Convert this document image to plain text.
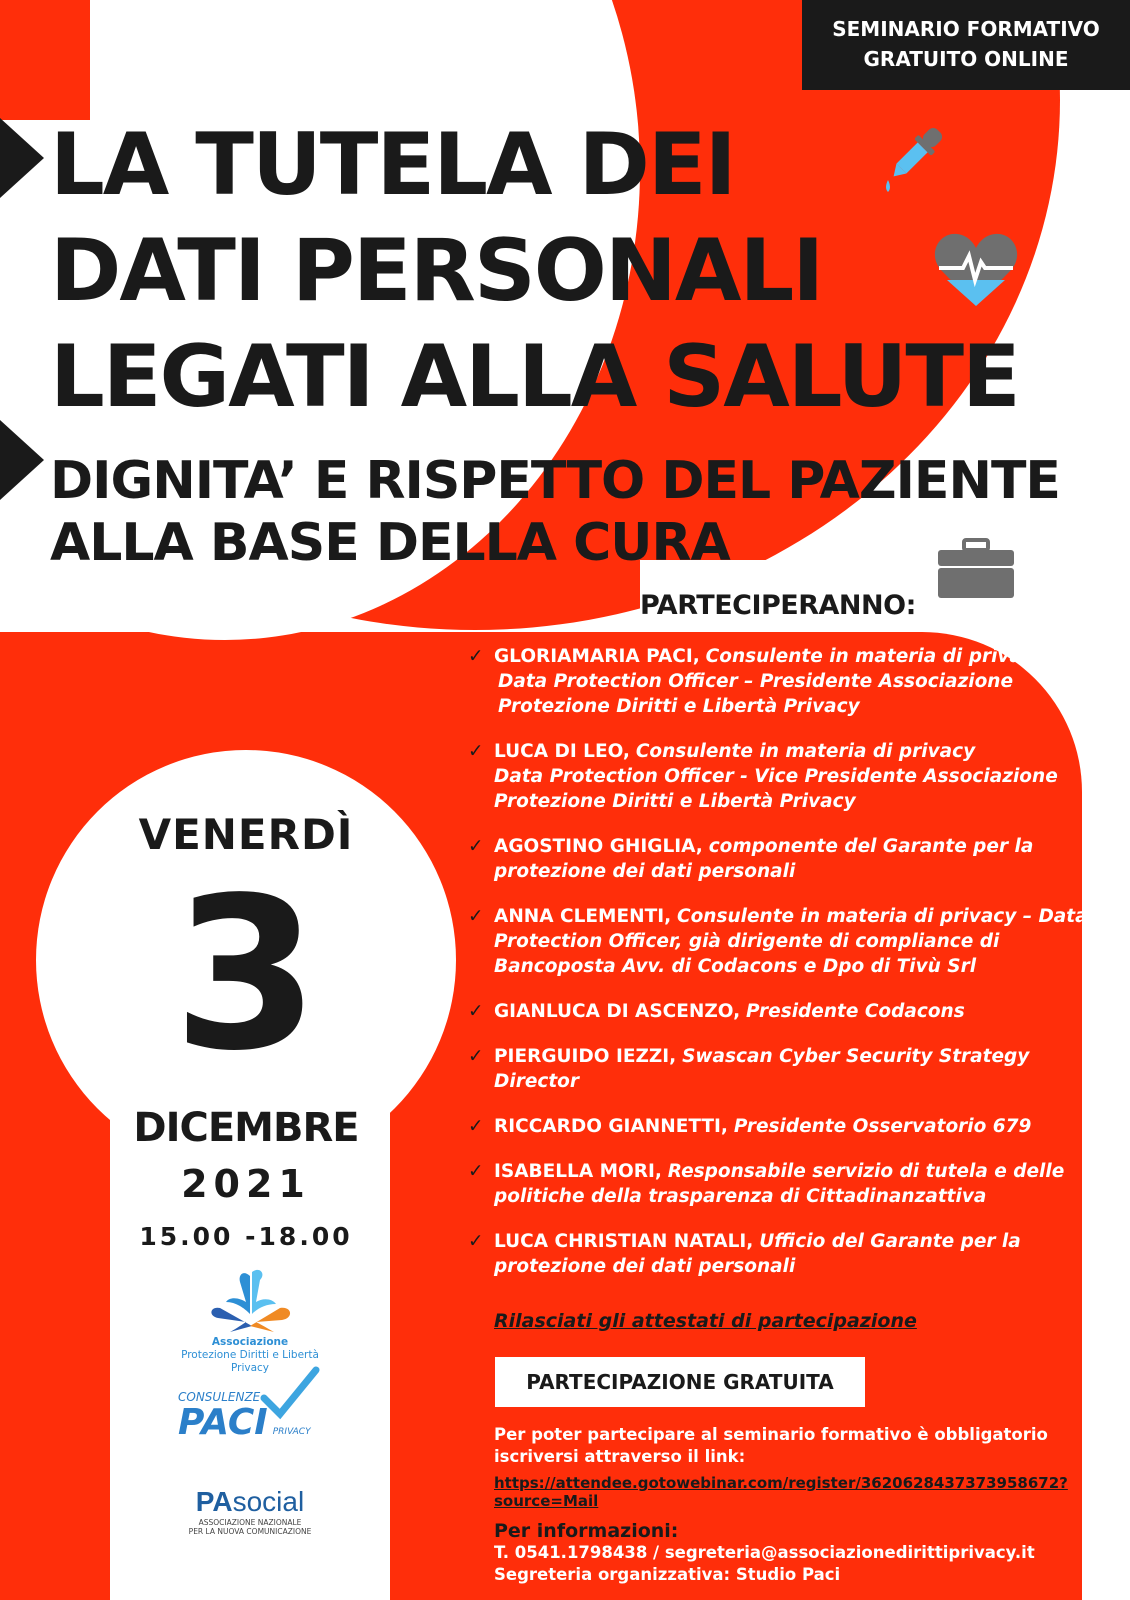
SEMINARIO FORMATIVO
GRATUITO ONLINE
LA TUTELA DEI
DATI PERSONALI
LEGATI ALLA SALUTE
DIGNITA’ E RISPETTO DEL PAZIENTE
ALLA BASE DELLA CURA
PARTECIPERANNO:
✓ GLORIAMARIA PACI, Consulente in materia di privacy
Data Protection Officer – Presidente Associazione Protezione Diritti e Libertà Privacy
✓ LUCA DI LEO, Consulente in materia di privacy
Data Protection Officer - Vice Presidente Associazione Protezione Diritti e Libertà Privacy
✓ AGOSTINO GHIGLIA, componente del Garante per la protezione dei dati personali
✓ ANNA CLEMENTI, Consulente in materia di privacy – Data Protection Officer, già dirigente di compliance di Bancoposta Avv. di Codacons e Dpo di Tivù Srl
✓ GIANLUCA DI ASCENZO, Presidente Codacons
✓ PIERGUIDO IEZZI, Swascan Cyber Security Strategy Director
✓ RICCARDO GIANNETTI, Presidente Osservatorio 679
✓ ISABELLA MORI, Responsabile servizio di tutela e delle politiche della trasparenza di Cittadinanzattiva
✓ LUCA CHRISTIAN NATALI, Ufficio del Garante per la protezione dei dati personali
Rilasciati gli attestati di partecipazione
PARTECIPAZIONE GRATUITA
Per poter partecipare al seminario formativo è obbligatorio iscriversi attraverso il link:
https://attendee.gotowebinar.com/register/3620628437373958672?source=Mail
Per informazioni:
T. 0541.1798438 / segreteria@associazionedirittiprivacy.it
Segreteria organizzativa: Studio Paci
VENERDÌ
3
DICEMBRE
2021
15.00 -18.00
Associazione
Protezione Diritti e Libertà
Privacy
CONSULENZE
PACI PRIVACY
PAsocial
ASSOCIAZIONE NAZIONALE
PER LA NUOVA COMUNICAZIONE
